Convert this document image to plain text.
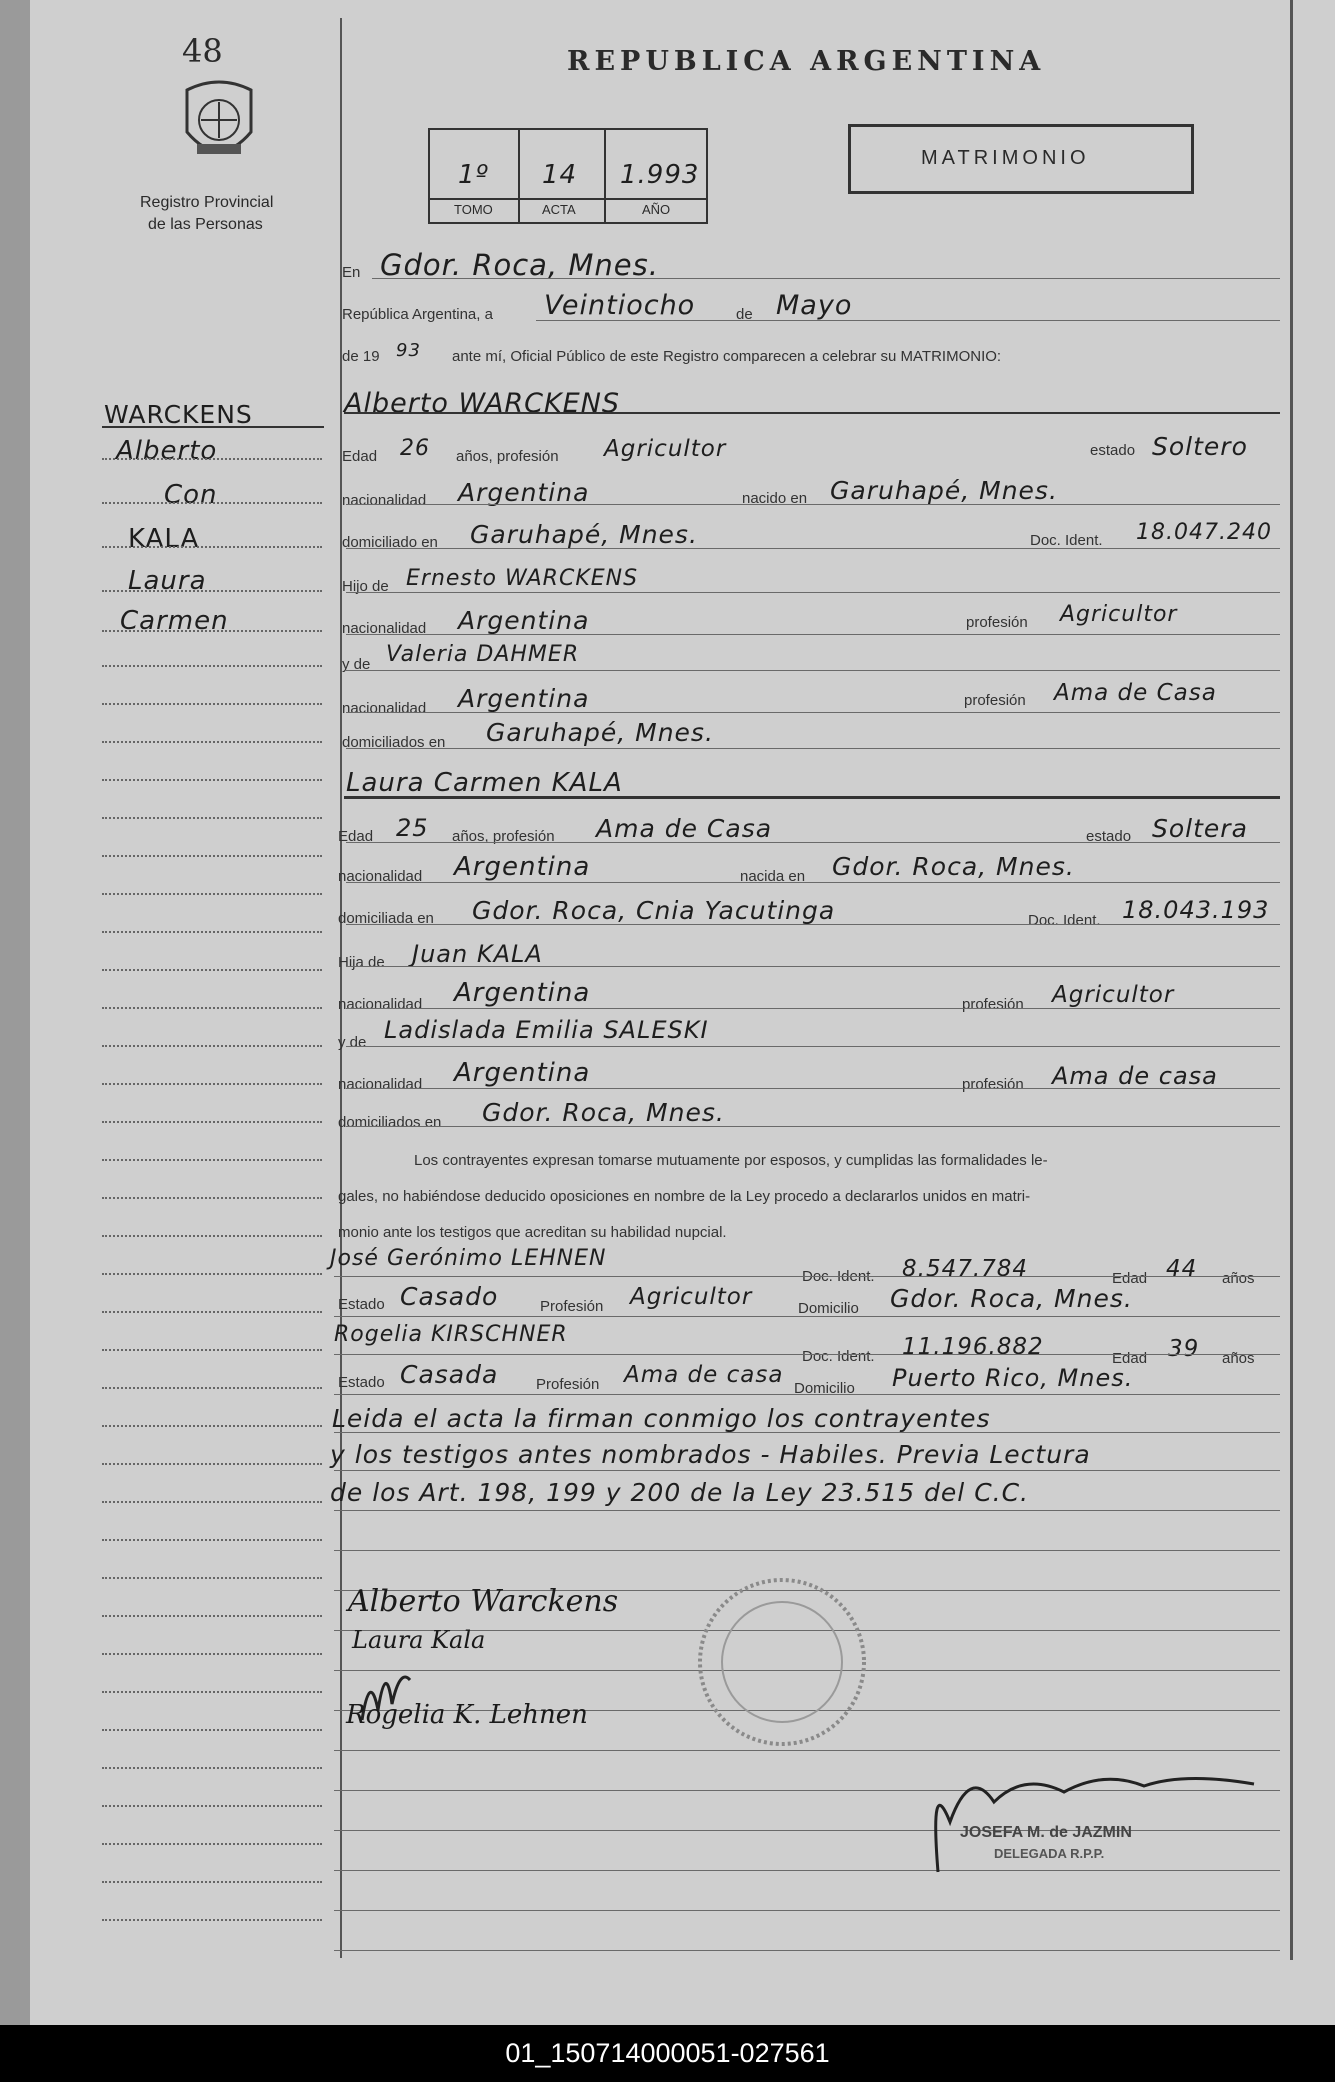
48
Registro Provincial
de las Personas
REPUBLICA ARGENTINA
1º 14 1.993
TOMO	ACTA	AÑO
MATRIMONIO
WARCKENS
Alberto
Con
KALA
Laura
Carmen
En Gdor. Roca, Mnes.
República Argentina, a Veintiocho	de Mayo
de 19 93 ante mí, Oficial Público de este Registro comparecen a celebrar su MATRIMONIO:
Alberto WARCKENS
Edad 26 años, profesión Agricultor	estado Soltero
nacionalidad Argentina	nacido en Garuhapé, Mnes.
domiciliado en Garuhapé, Mnes.	Doc. Ident. 18.047.240
Hijo de Ernesto WARCKENS
nacionalidad Argentina	profesión Agricultor
y de Valeria DAHMER
nacionalidad Argentina	profesión Ama de Casa
domiciliados en Garuhapé, Mnes.
Laura Carmen KALA
Edad 25 años, profesión Ama de Casa	estado Soltera
nacionalidad Argentina	nacida en Gdor. Roca, Mnes.
domiciliada en Gdor. Roca, Cnia Yacutinga	Doc. Ident. 18.043.193
Hija de Juan KALA
nacionalidad Argentina	profesión Agricultor
y de Ladislada Emilia SALESKI
nacionalidad Argentina	profesión Ama de casa
domiciliados en Gdor. Roca, Mnes.
Los contrayentes expresan tomarse mutuamente por esposos, y cumplidas las formalidades le-
gales, no habiéndose deducido oposiciones en nombre de la Ley procedo a declararlos unidos en matri-
monio ante los testigos que acreditan su habilidad nupcial.
José Gerónimo LEHNEN
Doc. Ident. 8.547.784	Edad 44 años
Estado Casado	Profesión Agricultor	Domicilio Gdor. Roca, Mnes.
Rogelia KIRSCHNER
Doc. Ident. 11.196.882	Edad 39 años
Estado Casada	Profesión Ama de casa
Domicilio Puerto Rico, Mnes.
Leida el acta la firman conmigo los contrayentes
y los testigos antes nombrados - Habiles. Previa Lectura
de los Art. 198, 199 y 200 de la Ley 23.515 del C.C.
Alberto Warckens
Laura Kala
Rogelia K. Lehnen
JOSEFA M. de JAZMIN
DELEGADA R.P.P.
01_150714000051-027561
